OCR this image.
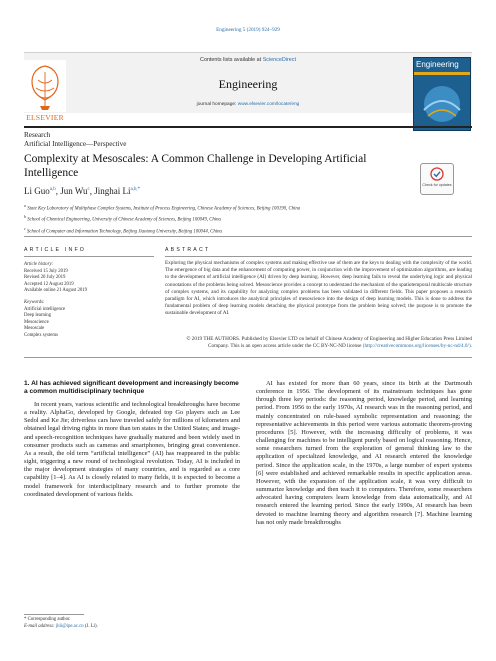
Engineering 5 (2019) 924–929
Contents lists available at ScienceDirect
Engineering
journal homepage: www.elsevier.com/locate/eng
ELSEVIER
Engineering
Research
Artificial Intelligence—Perspective
Complexity at Mesoscales: A Common Challenge in Developing Artificial Intelligence
Check for updates
Li Guo$^{a,b}$, Jun Wu$^c$, Jinghai $Li^{a,b,*}$
$^a$ State Key Laboratory of Multiphase Complex Systems, Institute of Process Engineering, Chinese Academy of Sciences, Beijing 100190, China
$^b$ School of Chemical Engineering, University of Chinese Academy of Sciences, Beijing 100049, China
$^c$ School of Computer and Information Technology, Beijing Jiaotong University, Beijing 100044, China
ARTICLE INFO	ABSTRACT
Article history:
Received 15 July 2019
Revised 20 July 2019
Accepted 12 August 2019
Available online 21 August 2019
Keywords:
Artificial intelligence
Deep learning
Mesoscience
Mesoscale
Complex systems
Exploring the physical mechanisms of complex systems and making effective use of them are the keys to dealing with the complexity of the world. The emergence of big data and the enhancement of computing power, in conjunction with the improvement of optimization algorithms, are leading to the development of artificial intelligence (AI) driven by deep learning. However, deep learning fails to reveal the underlying logic and physical connotations of the problems being solved. Mesoscience provides a concept to understand the mechanism of the spatiotemporal multiscale structure of complex systems, and its capability for analyzing complex problems has been validated in different fields. This paper proposes a research paradigm for AI, which introduces the analytical principles of mesoscience into the design of deep learning models. This is done to address the fundamental problem of deep learning models detaching the physical prototype from the problem being solved; the purpose is to promote the sustainable development of AI.
© 2019 THE AUTHORS. Published by Elsevier LTD on behalf of Chinese Academy of Engineering and Higher Education Press Limited Company. This is an open access article under the CC BY-NC-ND license (http://creativecommons.org/licenses/by-nc-nd/4.0/).
1. AI has achieved significant development and increasingly become a common multidisciplinary technique

In recent years, various scientific and technological breakthroughs have become a reality. AlphaGo, developed by Google, defeated top Go players such as Lee Sedol and Ke Jie; driverless cars have traveled safely for millions of kilometers and obtained legal driving rights in more than ten states in the United States; and image- and speech-recognition techniques have gradually matured and been widely used in consumer products such as cameras and smartphones, bringing great convenience. As a result, the old term “artificial intelligence” (AI) has reappeared in the public sight, triggering a new round of technological revolution. Today, AI is included in the major development strategies of many countries, and is regarded as a core capability [1–4]. As AI is closely related to many fields, it is expected to become a model framework for interdisciplinary research and to further promote the coordinated development of various fields.

AI has existed for more than 60 years, since its birth at the Dartmouth conference in 1956. The development of its mainstream techniques has gone through three key periods: the reasoning period, knowledge period, and learning period. From 1956 to the early 1970s, AI research was in the reasoning period, and mainly concentrated on rule-based symbolic representation and reasoning; the representative achievements in this period were various automatic theorem-proving procedures [5]. However, with the increasing difficulty of problems, it was challenging for machines to be intelligent purely based on logical reasoning. Hence, some researchers turned from the exploration of general thinking law to the application of specialized knowledge, and AI research entered the knowledge period. Since the application scale, in the 1970s, a large number of expert systems [6] were established and achieved remarkable results in specific application areas. However, with the expansion of the application scale, it was very difficult to summarize knowledge and then teach it to computers. Therefore, some researchers advocated having computers learn knowledge from data automatically, and AI research entered the learning period. Since the early 1990s, AI research has been devoted to machine learning theory and algorithm research [7]. Machine learning has not only made breakthroughs

* Corresponding author.
E-mail address: jhli@ipe.ac.cn (J. Li).
